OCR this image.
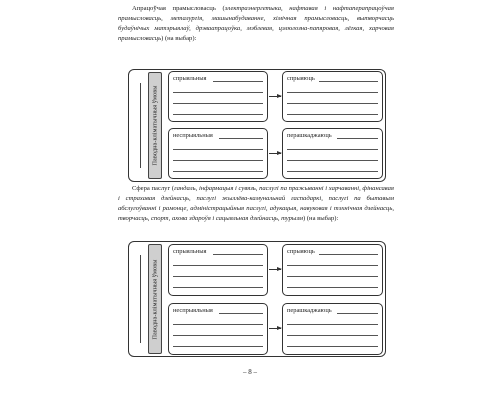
Апрацоўчая прамысловасць (электраэнергетыка, нафтавая і нафтаперапрацоўчая прамысловасць, металургія, машынабудаванне, хімічная прамысловасць, вытворчасць будаўнічых матэрыялаў, дрэваапрацоўка, мэблевая, цэлюлозна-папяровая, лёгкая, харчовая прамысловасць) (на выбар):

Паводна-кліматычныя ўмовы
спрыяльныя	спрыяюць
неспрыяльныя	перашкаджаюць

Сфера паслуг (гандаль, інфармацыя і сувязь, паслугі па пражыванні і харчаванні, фінансавая і страхавая дзейнасць, паслугі жыллёва-камунальнай гаспадаркі, паслугі па бытавым абслугоўванні і рамонце, адміністрацыйныя паслугі, адукацыя, навуковая і тэхнічная дзейнасць, творчасць, спорт, ахова здароўя і сацыяльная дзейнасць, турызм) (на выбар):

Паводна-кліматычныя ўмовы
спрыяльныя	спрыяюць
неспрыяльныя	перашкаджаюць
– 8 –
